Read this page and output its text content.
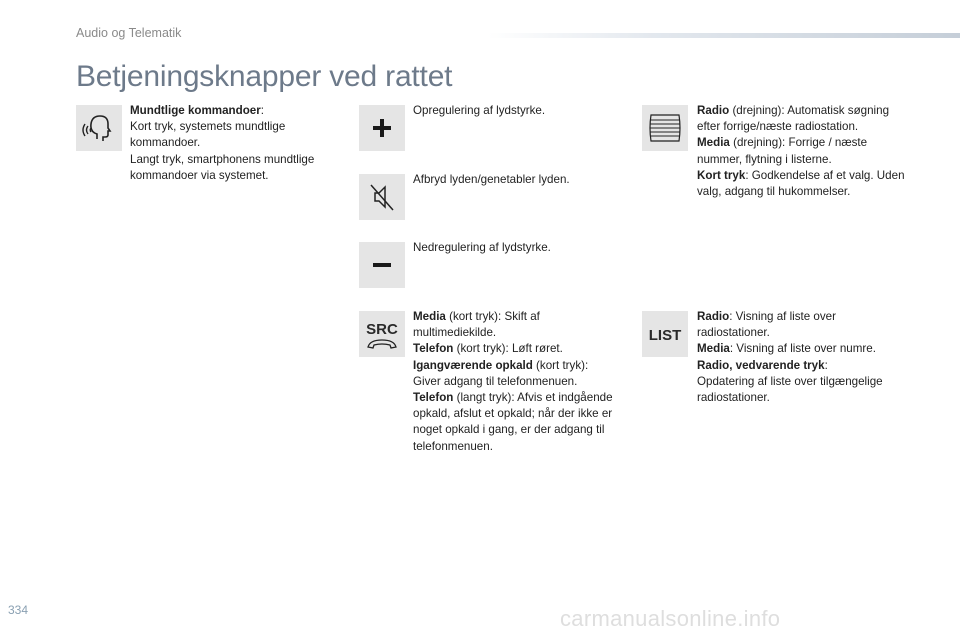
Audio og Telematik
Betjeningsknapper ved rattet

Mundtlige kommandoer:

Kort tryk, systemets mundtlige kommandoer.

Langt tryk, smartphonens mundtlige kommandoer via systemet.

Opregulering af lydstyrke.
Afbryd lyden/genetabler lyden.
Nedregulering af lydstyrke.
SRC

Media (kort tryk): Skift af multimediekilde.

Telefon (kort tryk): Løft røret.

Igangværende opkald (kort tryk): Giver adgang til telefonmenuen.

Telefon (langt tryk): Afvis et indgående opkald, afslut et opkald; når der ikke er noget opkald i gang, er der adgang til telefonmenuen.

Radio (drejning): Automatisk søgning efter forrige/næste radiostation.

Media (drejning): Forrige / næste nummer, flytning i listerne.

Kort tryk: Godkendelse af et valg. Uden valg, adgang til hukommelser.

LIST

Radio: Visning af liste over radiostationer.

Media: Visning af liste over numre.

Radio, vedvarende tryk:

Opdatering af liste over tilgængelige radiostationer.

334	carmanualsonline.info
